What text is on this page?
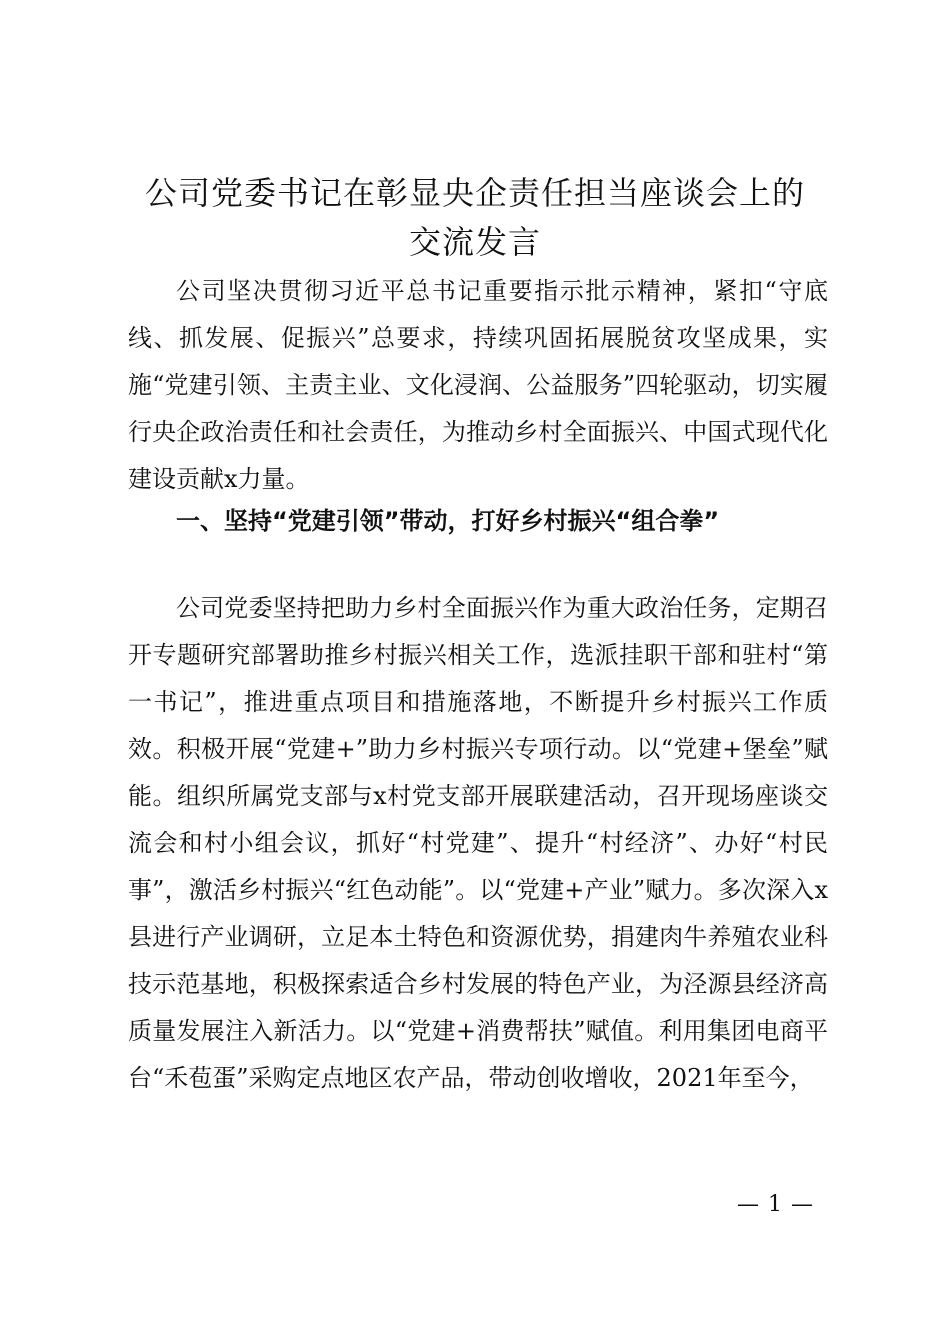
公司党委书记在彰显央企责任担当座谈会上的
交流发言

公司坚决贯彻习近平总书记重要指示批示精神，紧扣“守底线、抓发展、促振兴”总要求，持续巩固拓展脱贫攻坚成果，实施“党建引领、主责主业、文化浸润、公益服务”四轮驱动，切实履行央企政治责任和社会责任，为推动乡村全面振兴、中国式现代化建设贡献x力量。

一、坚持“党建引领”带动，打好乡村振兴“组合拳”

公司党委坚持把助力乡村全面振兴作为重大政治任务，定期召开专题研究部署助推乡村振兴相关工作，选派挂职干部和驻村“第一书记”，推进重点项目和措施落地，不断提升乡村振兴工作质效。积极开展“党建+”助力乡村振兴专项行动。以“党建+堡垒”赋能。组织所属党支部与x村党支部开展联建活动，召开现场座谈交流会和村小组会议，抓好“村党建”、提升“村经济”、办好“村民事”，激活乡村振兴“红色动能”。以“党建+产业”赋力。多次深入x县进行产业调研，立足本土特色和资源优势，捐建肉牛养殖农业科技示范基地，积极探索适合乡村发展的特色产业，为泾源县经济高质量发展注入新活力。以“党建+消费帮扶”赋值。利用集团电商平台“禾苞蛋”采购定点地区农产品，带动创收增收，2021年至今，

— 1 —
